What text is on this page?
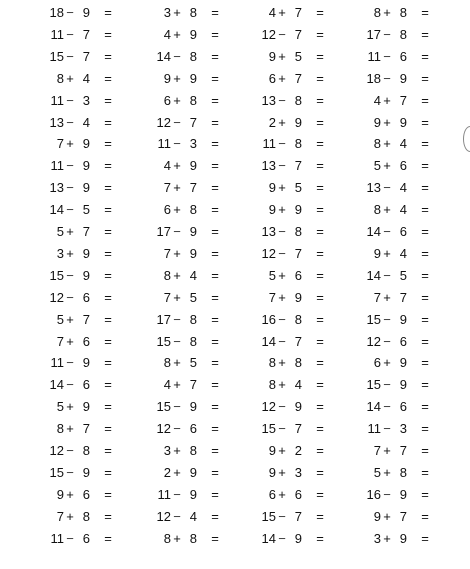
18 − 9 =
11 − 7 =
15 − 7 =
8 + 4 =
11 − 3 =
13 − 4 =
7 + 9 =
11 − 9 =
13 − 9 =
14 − 5 =
5 + 7 =
3 + 9 =
15 − 9 =
12 − 6 =
5 + 7 =
7 + 6 =
11 − 9 =
14 − 6 =
5 + 9 =
8 + 7 =
12 − 8 =
15 − 9 =
9 + 6 =
7 + 8 =
11 − 6 =
3 + 8 =
4 + 9 =
14 − 8 =
9 + 9 =
6 + 8 =
12 − 7 =
11 − 3 =
4 + 9 =
7 + 7 =
6 + 8 =
17 − 9 =
7 + 9 =
8 + 4 =
7 + 5 =
17 − 8 =
15 − 8 =
8 + 5 =
4 + 7 =
15 − 9 =
12 − 6 =
3 + 8 =
2 + 9 =
11 − 9 =
12 − 4 =
8 + 8 =
4 + 7 =
12 − 7 =
9 + 5 =
6 + 7 =
13 − 8 =
2 + 9 =
11 − 8 =
13 − 7 =
9 + 5 =
9 + 9 =
13 − 8 =
12 − 7 =
5 + 6 =
7 + 9 =
16 − 8 =
14 − 7 =
8 + 8 =
8 + 4 =
12 − 9 =
15 − 7 =
9 + 2 =
9 + 3 =
6 + 6 =
15 − 7 =
14 − 9 =
8 + 8 =
17 − 8 =
11 − 6 =
18 − 9 =
4 + 7 =
9 + 9 =
8 + 4 =
5 + 6 =
13 − 4 =
8 + 4 =
14 − 6 =
9 + 4 =
14 − 5 =
7 + 7 =
15 − 9 =
12 − 6 =
6 + 9 =
15 − 9 =
14 − 6 =
11 − 3 =
7 + 7 =
5 + 8 =
16 − 9 =
9 + 7 =
3 + 9 =
